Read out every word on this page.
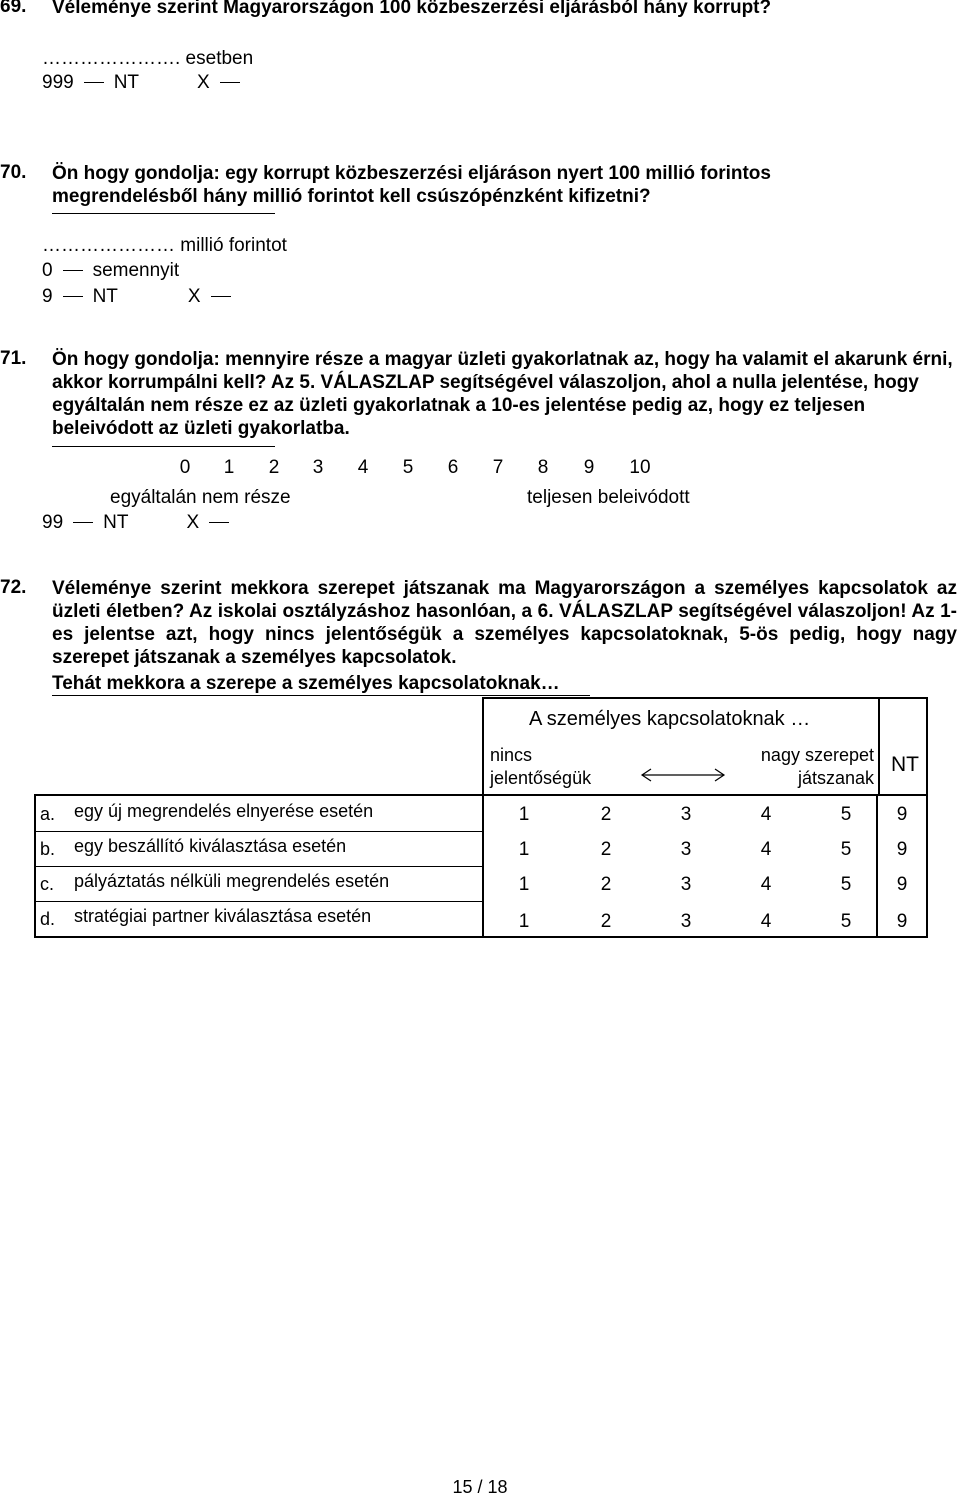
69. Véleménye szerint Magyarországon 100 közbeszerzési eljárásból hány korrupt?
…………………. esetben
999 NT	X
70. Ön hogy gondolja: egy korrupt közbeszerzési eljáráson nyert 100 millió forintos megrendelésből hány millió forintot kell csúszópénzként kifizetni?
………………… millió forintot
0 semennyit
9 NT	X
71. Ön hogy gondolja: mennyire része a magyar üzleti gyakorlatnak az, hogy ha valamit el akarunk érni, akkor korrumpálni kell? Az 5. VÁLASZLAP segítségével válaszoljon, ahol a nulla jelentése, hogy egyáltalán nem része ez az üzleti gyakorlatnak a 10-es jelentése pedig az, hogy ez teljesen beleivódott az üzleti gyakorlatba.
0 1 2 3 4 5 6 7 8 9 10
egyáltalán nem része	teljesen beleivódott
99 NT	X
72. Véleménye szerint mekkora szerepet játszanak ma Magyarországon a személyes kapcsolatok az üzleti életben? Az iskolai osztályzáshoz hasonlóan, a 6. VÁLASZLAP segítségével válaszoljon! Az 1-es jelentse azt, hogy nincs jelentőségük a személyes kapcsolatoknak, 5-ös pedig, hogy nagy szerepet játszanak a személyes kapcsolatok.
Tehát mekkora a szerepe a személyes kapcsolatoknak…
A személyes kapcsolatoknak …
nincs
jelentőségük
nagy szerepet
játszanak
NT
a. egy új megrendelés elnyerése esetén	1	2	3	4	5 9
b. egy beszállító kiválasztása esetén	1	2	3	4	5 9
c. pályáztatás nélküli megrendelés esetén	1	2	3	4	5 9
d. stratégiai partner kiválasztása esetén	1	2	3	4	5 9
15 / 18
